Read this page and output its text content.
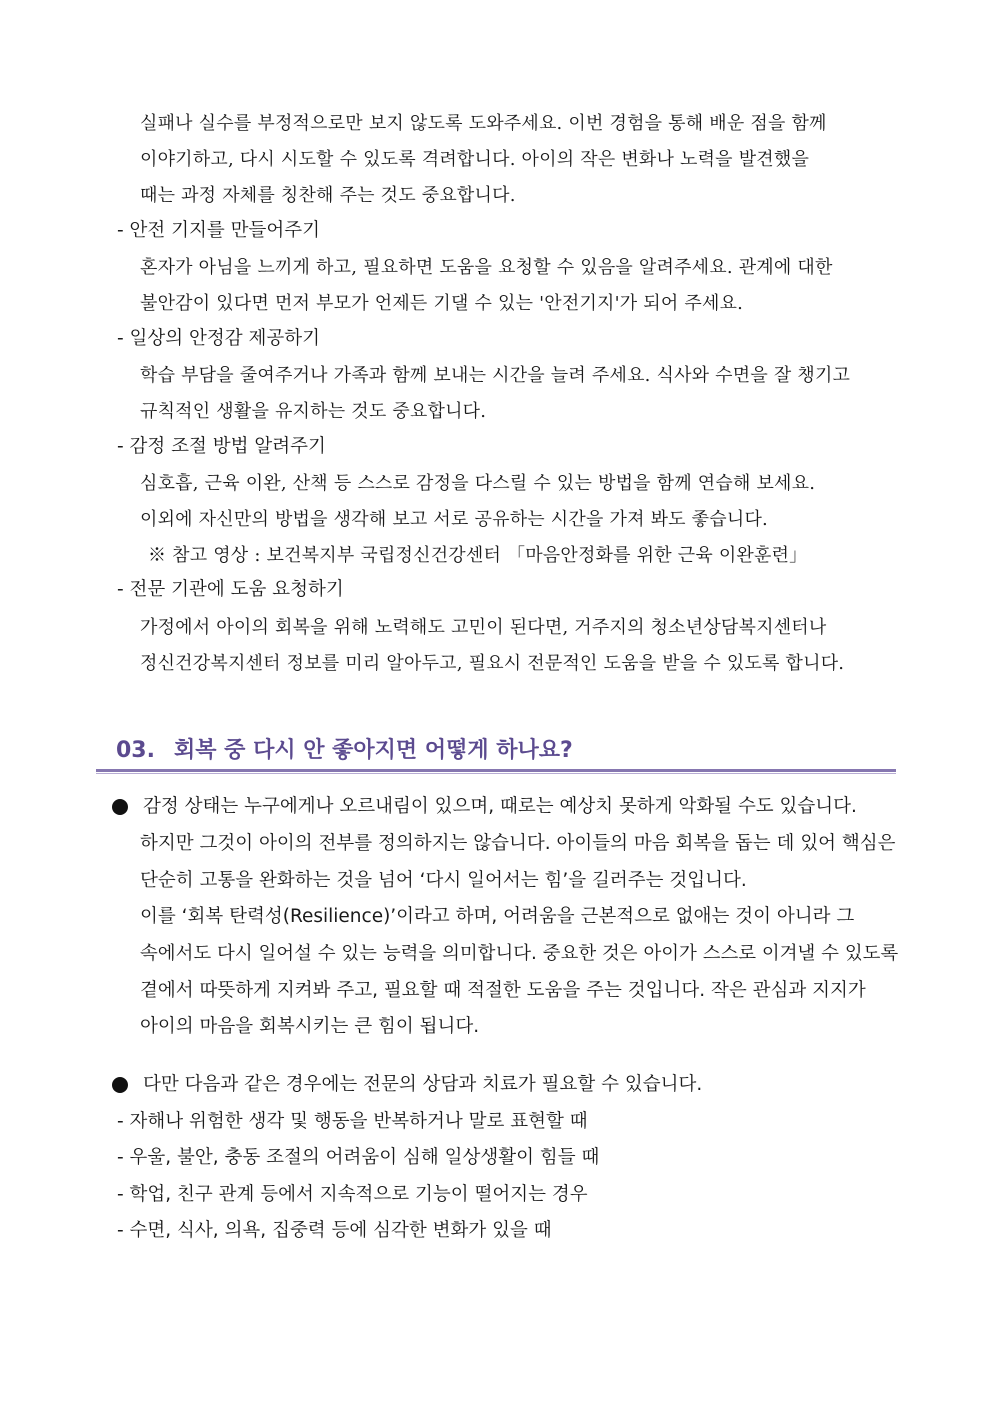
실패나 실수를 부정적으로만 보지 않도록 도와주세요. 이번 경험을 통해 배운 점을 함께
이야기하고, 다시 시도할 수 있도록 격려합니다. 아이의 작은 변화나 노력을 발견했을
때는 과정 자체를 칭찬해 주는 것도 중요합니다.
- 안전 기지를 만들어주기
혼자가 아님을 느끼게 하고, 필요하면 도움을 요청할 수 있음을 알려주세요. 관계에 대한
불안감이 있다면 먼저 부모가 언제든 기댈 수 있는 '안전기지'가 되어 주세요.
- 일상의 안정감 제공하기
학습 부담을 줄여주거나 가족과 함께 보내는 시간을 늘려 주세요. 식사와 수면을 잘 챙기고
규칙적인 생활을 유지하는 것도 중요합니다.
- 감정 조절 방법 알려주기
심호흡, 근육 이완, 산책 등 스스로 감정을 다스릴 수 있는 방법을 함께 연습해 보세요.
이외에 자신만의 방법을 생각해 보고 서로 공유하는 시간을 가져 봐도 좋습니다.
※ 참고 영상 : 보건복지부 국립정신건강센터 「마음안정화를 위한 근육 이완훈련」
- 전문 기관에 도움 요청하기
가정에서 아이의 회복을 위해 노력해도 고민이 된다면, 거주지의 청소년상담복지센터나
정신건강복지센터 정보를 미리 알아두고, 필요시 전문적인 도움을 받을 수 있도록 합니다.
03. 회복 중 다시 안 좋아지면 어떻게 하나요?
감정 상태는 누구에게나 오르내림이 있으며, 때로는 예상치 못하게 악화될 수도 있습니다.
하지만 그것이 아이의 전부를 정의하지는 않습니다. 아이들의 마음 회복을 돕는 데 있어 핵심은
단순히 고통을 완화하는 것을 넘어 ‘다시 일어서는 힘’을 길러주는 것입니다.
이를 ‘회복 탄력성(Resilience)’이라고 하며, 어려움을 근본적으로 없애는 것이 아니라 그
속에서도 다시 일어설 수 있는 능력을 의미합니다. 중요한 것은 아이가 스스로 이겨낼 수 있도록
곁에서 따뜻하게 지켜봐 주고, 필요할 때 적절한 도움을 주는 것입니다. 작은 관심과 지지가
아이의 마음을 회복시키는 큰 힘이 됩니다.
다만 다음과 같은 경우에는 전문의 상담과 치료가 필요할 수 있습니다.
- 자해나 위험한 생각 및 행동을 반복하거나 말로 표현할 때
- 우울, 불안, 충동 조절의 어려움이 심해 일상생활이 힘들 때
- 학업, 친구 관계 등에서 지속적으로 기능이 떨어지는 경우
- 수면, 식사, 의욕, 집중력 등에 심각한 변화가 있을 때
